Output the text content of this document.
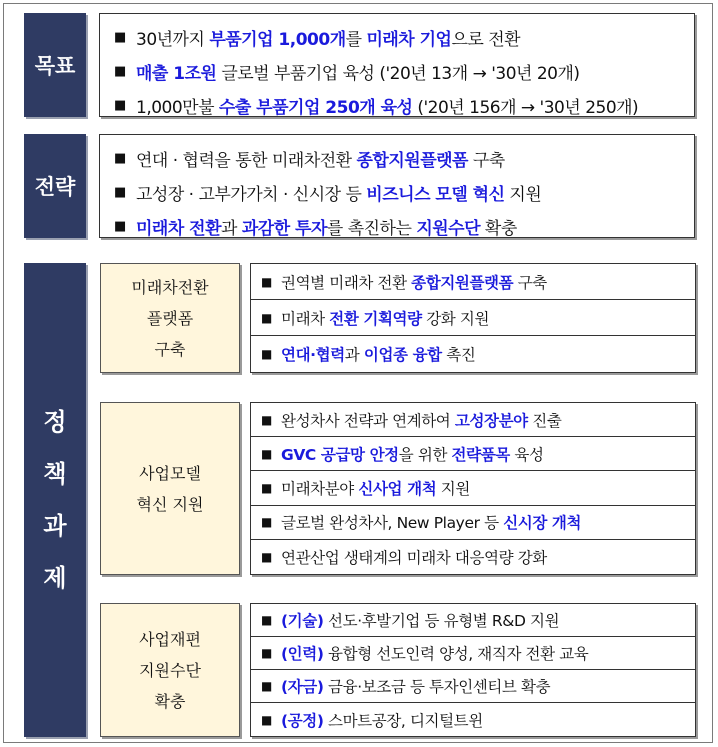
목표
■ 30년까지 부품기업 1,000개를 미래차 기업으로 전환
■ 매출 1조원 글로벌 부품기업 육성 ('20년 13개 → '30년 20개)
■ 1,000만불 수출 부품기업 250개 육성 ('20년 156개 → '30년 250개)
전략
■ 연대 · 협력을 통한 미래차전환 종합지원플랫폼 구축
■ 고성장 · 고부가가치 · 신시장 등 비즈니스 모델 혁신 지원
■ 미래차 전환과 과감한 투자를 촉진하는 지원수단 확충
정
책
과
제
미래차전환
플랫폼
구축
■ 권역별 미래차 전환 종합지원플랫폼 구축
■ 미래차 전환 기획역량 강화 지원
■ 연대·협력과 이업종 융합 촉진
사업모델
혁신 지원
■ 완성차사 전략과 연계하여 고성장분야 진출
■ GVC 공급망 안정을 위한 전략품목 육성
■ 미래차분야 신사업 개척 지원
■ 글로벌 완성차사, New Player 등 신시장 개척
■ 연관산업 생태계의 미래차 대응역량 강화
사업재편
지원수단
확충
■ (기술) 선도·후발기업 등 유형별 R&D 지원
■ (인력) 융합형 선도인력 양성, 재직자 전환 교육
■ (자금) 금융·보조금 등 투자인센티브 확충
■ (공정) 스마트공장, 디지털트윈
